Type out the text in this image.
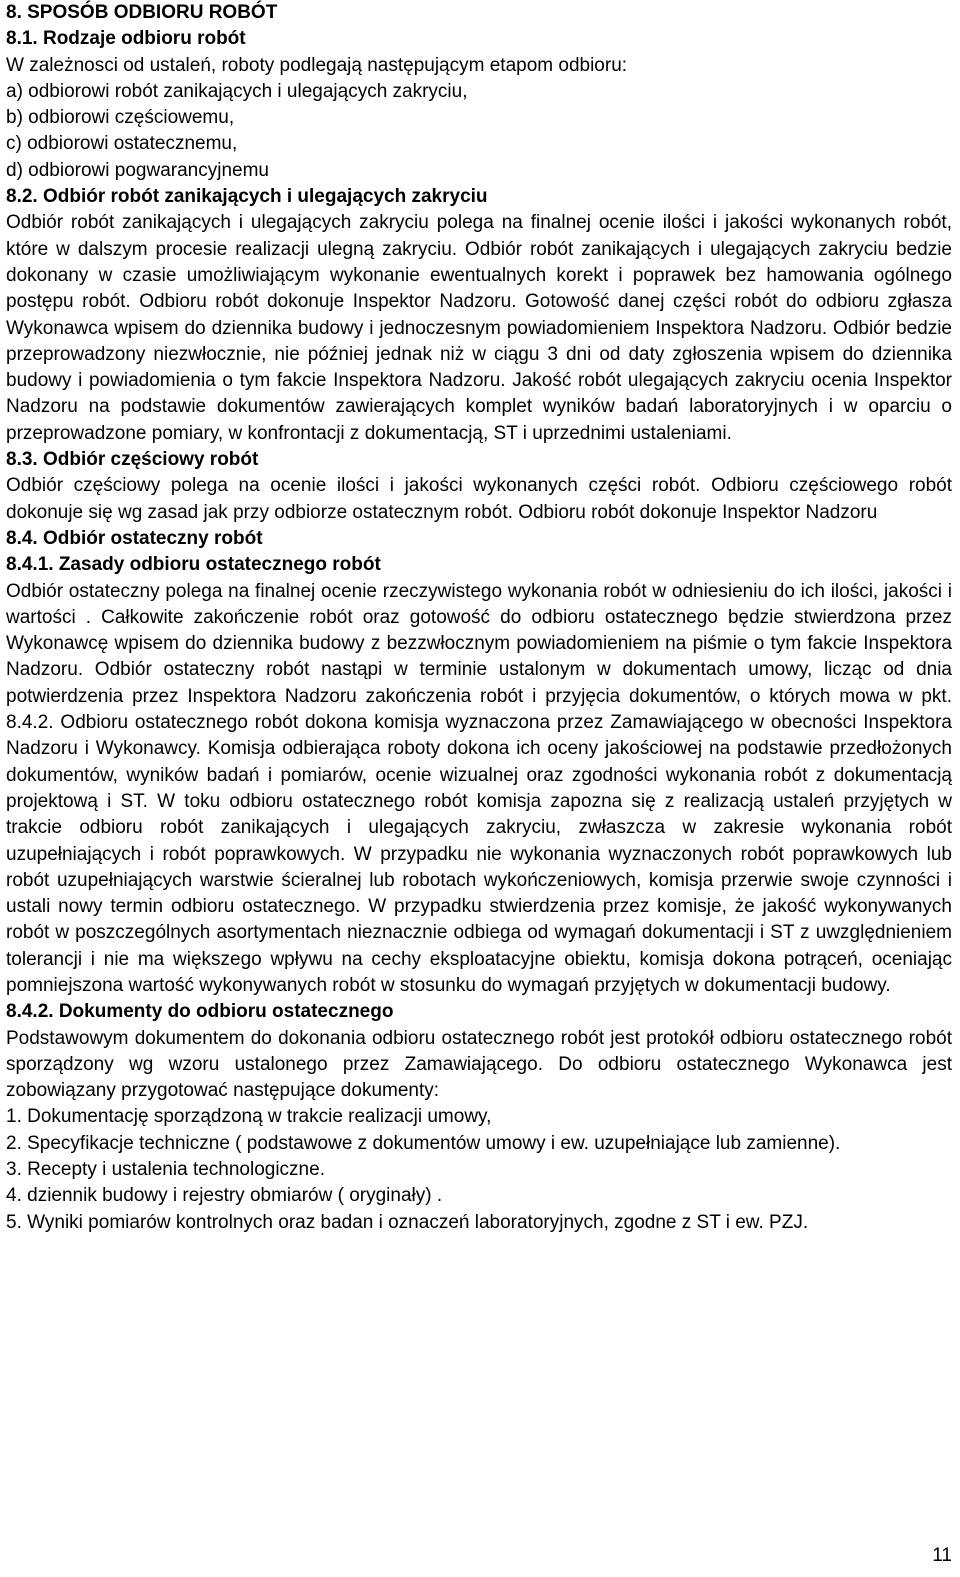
8. SPOSÓB ODBIORU ROBÓT

8.1. Rodzaje odbioru robót

W zależnosci od ustaleń, roboty podlegają następującym etapom odbioru:

a) odbiorowi robót zanikających i ulegających zakryciu,

b) odbiorowi częściowemu,

c) odbiorowi ostatecznemu,

d) odbiorowi pogwarancyjnemu

8.2. Odbiór robót zanikających i ulegających zakryciu

Odbiór robót zanikających i ulegających zakryciu polega na finalnej ocenie ilości i jakości wykonanych robót, które w dalszym procesie realizacji ulegną zakryciu. Odbiór robót zanikających i ulegających zakryciu bedzie dokonany w czasie umożliwiającym wykonanie ewentualnych korekt i poprawek bez hamowania ogólnego postępu robót. Odbioru robót dokonuje Inspektor Nadzoru. Gotowość danej części robót do odbioru zgłasza Wykonawca wpisem do dziennika budowy i jednoczesnym powiadomieniem Inspektora Nadzoru. Odbiór bedzie przeprowadzony niezwłocznie, nie później jednak niż w ciągu 3 dni od daty zgłoszenia wpisem do dziennika budowy i powiadomienia o tym fakcie Inspektora Nadzoru. Jakość robót ulegających zakryciu ocenia Inspektor Nadzoru na podstawie dokumentów zawierających komplet wyników badań laboratoryjnych i w oparciu o przeprowadzone pomiary, w konfrontacji z dokumentacją, ST i uprzednimi ustaleniami.

8.3. Odbiór częściowy robót

Odbiór częściowy polega na ocenie ilości i jakości wykonanych części robót. Odbioru częściowego robót dokonuje się wg zasad jak przy odbiorze ostatecznym robót. Odbioru robót dokonuje Inspektor Nadzoru

8.4. Odbiór ostateczny robót

8.4.1. Zasady odbioru ostatecznego robót

Odbiór ostateczny polega na finalnej ocenie rzeczywistego wykonania robót w odniesieniu do ich ilości, jakości i wartości . Całkowite zakończenie robót oraz gotowość do odbioru ostatecznego będzie stwierdzona przez Wykonawcę wpisem do dziennika budowy z bezzwłocznym powiadomieniem na piśmie o tym fakcie Inspektora Nadzoru. Odbiór ostateczny robót nastąpi w terminie ustalonym w dokumentach umowy, licząc od dnia potwierdzenia przez Inspektora Nadzoru zakończenia robót i przyjęcia dokumentów, o których mowa w pkt. 8.4.2. Odbioru ostatecznego robót dokona komisja wyznaczona przez Zamawiającego w obecności Inspektora Nadzoru i Wykonawcy. Komisja odbierająca roboty dokona ich oceny jakościowej na podstawie przedłożonych dokumentów, wyników badań i pomiarów, ocenie wizualnej oraz zgodności wykonania robót z dokumentacją projektową i ST. W toku odbioru ostatecznego robót komisja zapozna się z realizacją ustaleń przyjętych w trakcie odbioru robót zanikających i ulegających zakryciu, zwłaszcza w zakresie wykonania robót uzupełniających i robót poprawkowych. W przypadku nie wykonania wyznaczonych robót poprawkowych lub robót uzupełniających warstwie ścieralnej lub robotach wykończeniowych, komisja przerwie swoje czynności i ustali nowy termin odbioru ostatecznego. W przypadku stwierdzenia przez komisje, że jakość wykonywanych robót w poszczególnych asortymentach nieznacznie odbiega od wymagań dokumentacji i ST z uwzględnieniem tolerancji i nie ma większego wpływu na cechy eksploatacyjne obiektu, komisja dokona potrąceń, oceniając pomniejszona wartość wykonywanych robót w stosunku do wymagań przyjętych w dokumentacji budowy.

8.4.2. Dokumenty do odbioru ostatecznego

Podstawowym dokumentem do dokonania odbioru ostatecznego robót jest protokół odbioru ostatecznego robót sporządzony wg wzoru ustalonego przez Zamawiającego. Do odbioru ostatecznego Wykonawca jest zobowiązany przygotować następujące dokumenty:

1. Dokumentację sporządzoną w trakcie realizacji umowy,

2. Specyfikacje techniczne ( podstawowe z dokumentów umowy i ew. uzupełniające lub zamienne).

3. Recepty i ustalenia technologiczne.

4. dziennik budowy i rejestry obmiarów ( oryginały) .

5. Wyniki pomiarów kontrolnych oraz badan i oznaczeń laboratoryjnych, zgodne z ST i ew. PZJ.

11
